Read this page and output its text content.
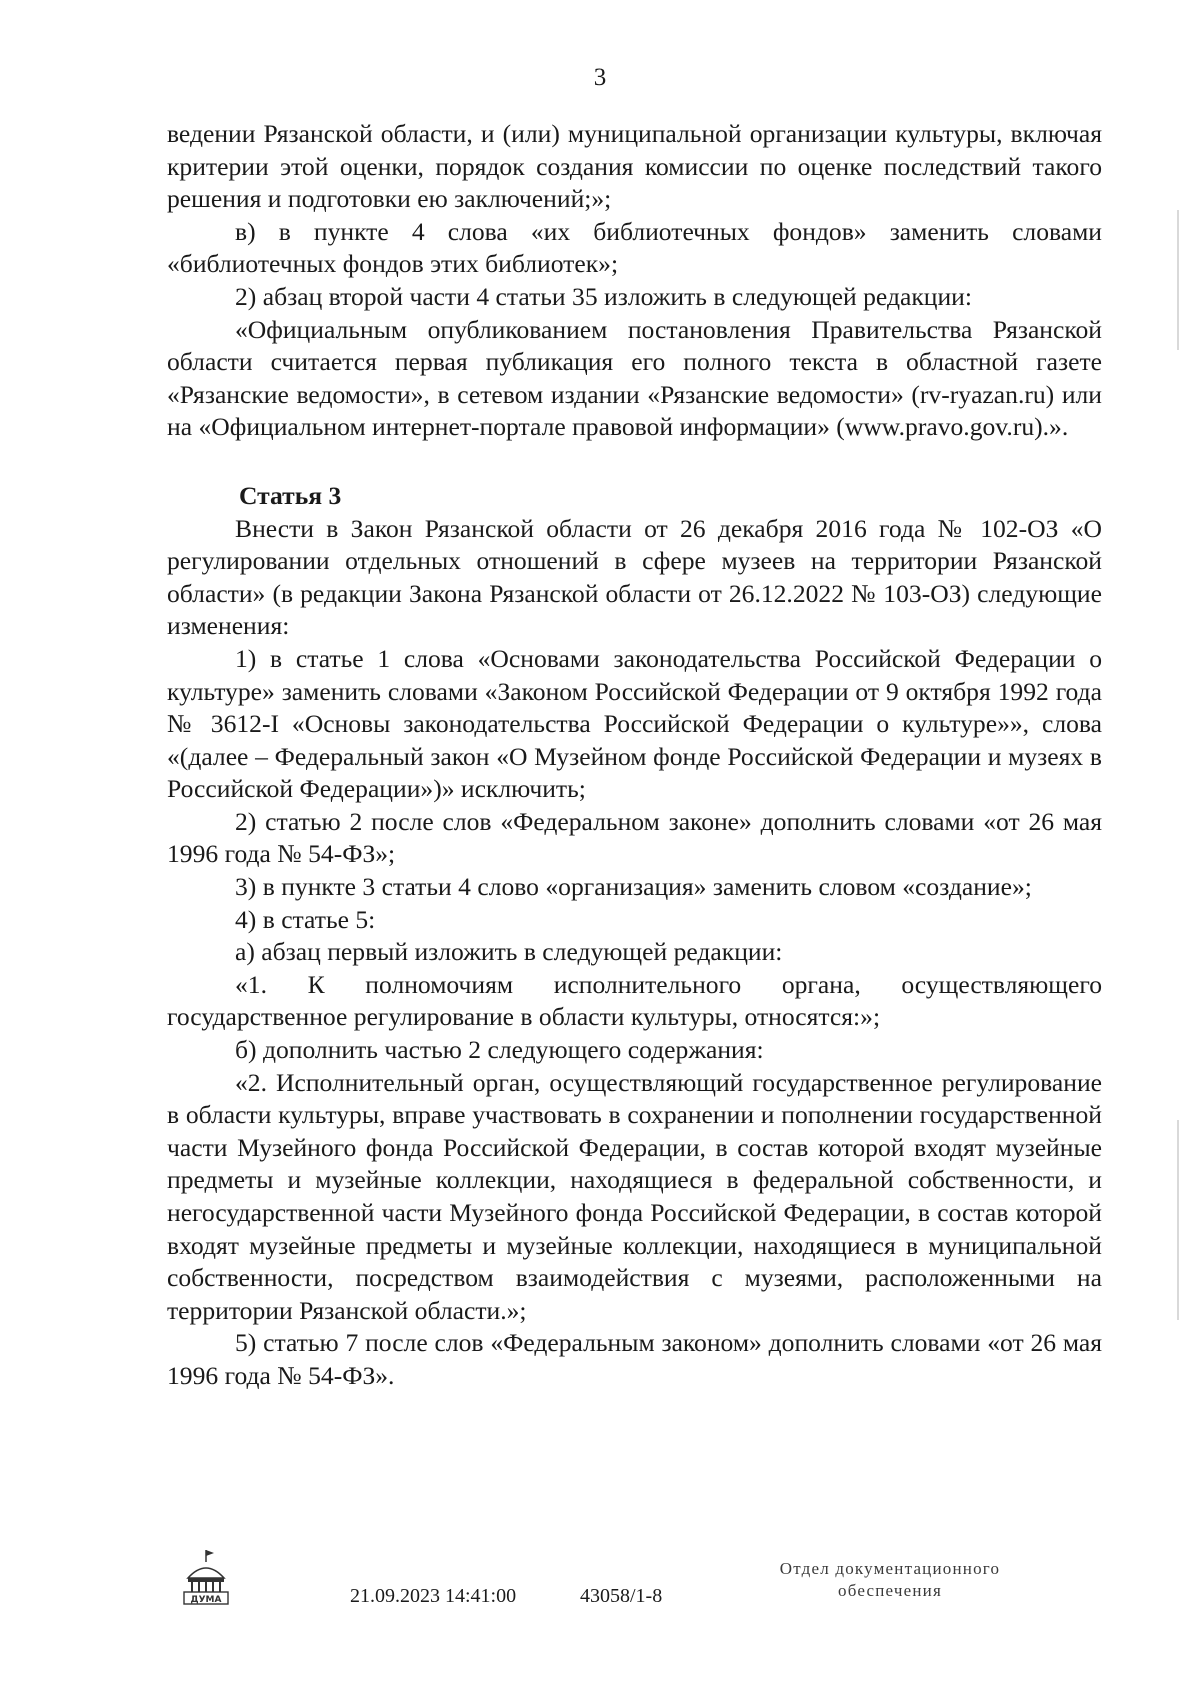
3

ведении Рязанской области, и (или) муниципальной организации культуры, включая критерии этой оценки, порядок создания комиссии по оценке последствий такого решения и подготовки ею заключений;»;

в) в пункте 4 слова «их библиотечных фондов» заменить словами «библиотечных фондов этих библиотек»;

2) абзац второй части 4 статьи 35 изложить в следующей редакции:

«Официальным опубликованием постановления Правительства Рязанской области считается первая публикация его полного текста в областной газете «Рязанские ведомости», в сетевом издании «Рязанские ведомости» (rv-ryazan.ru) или на «Официальном интернет-портале правовой информации» (www.pravo.gov.ru).».

Статья 3

Внести в Закон Рязанской области от 26 декабря 2016 года № 102-ОЗ «О регулировании отдельных отношений в сфере музеев на территории Рязанской области» (в редакции Закона Рязанской области от 26.12.2022 № 103-ОЗ) следующие изменения:

1) в статье 1 слова «Основами законодательства Российской Федерации о культуре» заменить словами «Законом Российской Федерации от 9 октября 1992 года № 3612-I «Основы законодательства Российской Федерации о культуре»», слова «(далее – Федеральный закон «О Музейном фонде Российской Федерации и музеях в Российской Федерации»)» исключить;

2) статью 2 после слов «Федеральном законе» дополнить словами «от 26 мая 1996 года № 54-ФЗ»;

3) в пункте 3 статьи 4 слово «организация» заменить словом «создание»;

4) в статье 5:

а) абзац первый изложить в следующей редакции:

«1. К полномочиям исполнительного органа, осуществляющего государственное регулирование в области культуры, относятся:»;

б) дополнить частью 2 следующего содержания:

«2. Исполнительный орган, осуществляющий государственное регулирование в области культуры, вправе участвовать в сохранении и пополнении государственной части Музейного фонда Российской Федерации, в состав которой входят музейные предметы и музейные коллекции, находящиеся в федеральной собственности, и негосударственной части Музейного фонда Российской Федерации, в состав которой входят музейные предметы и музейные коллекции, находящиеся в муниципальной собственности, посредством взаимодействия с музеями, расположенными на территории Рязанской области.»;

5) статью 7 после слов «Федеральным законом» дополнить словами «от 26 мая 1996 года № 54-ФЗ».

ДУМА	21.09.2023 14:41:00	43058/1-8
Отдел документационного
обеспечения
